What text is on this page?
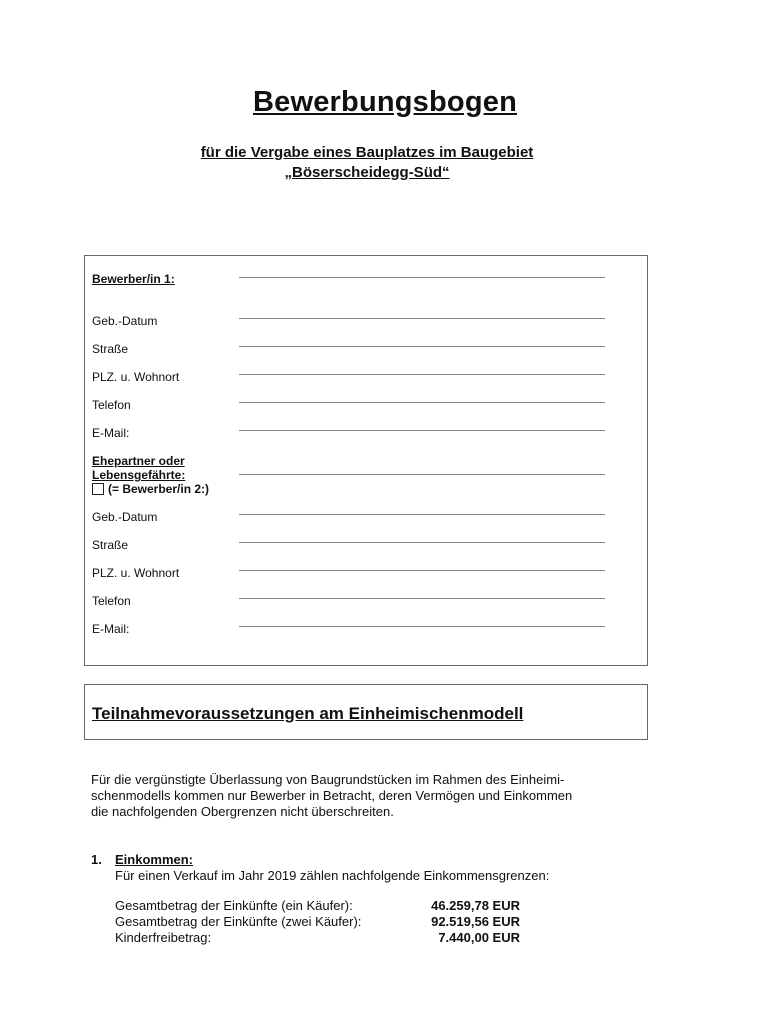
Bewerbungsbogen
für die Vergabe eines Bauplatzes im Baugebiet
„Böserscheidegg-Süd“
Bewerber/in 1:
Geb.-Datum
Straße
PLZ. u. Wohnort
Telefon
E-Mail:
Ehepartner oder
Lebensgefährte:
(= Bewerber/in 2:)
Geb.-Datum
Straße
PLZ. u. Wohnort
Telefon
E-Mail:
Teilnahmevoraussetzungen am Einheimischenmodell
Für die vergünstigte Überlassung von Baugrundstücken im Rahmen des Einheimi-
schenmodells kommen nur Bewerber in Betracht, deren Vermögen und Einkommen
die nachfolgenden Obergrenzen nicht überschreiten.
1. Einkommen:
Für einen Verkauf im Jahr 2019 zählen nachfolgende Einkommensgrenzen:
Gesamtbetrag der Einkünfte (ein Käufer):	46.259,78 EUR
Gesamtbetrag der Einkünfte (zwei Käufer):	92.519,56 EUR
Kinderfreibetrag:	7.440,00 EUR
